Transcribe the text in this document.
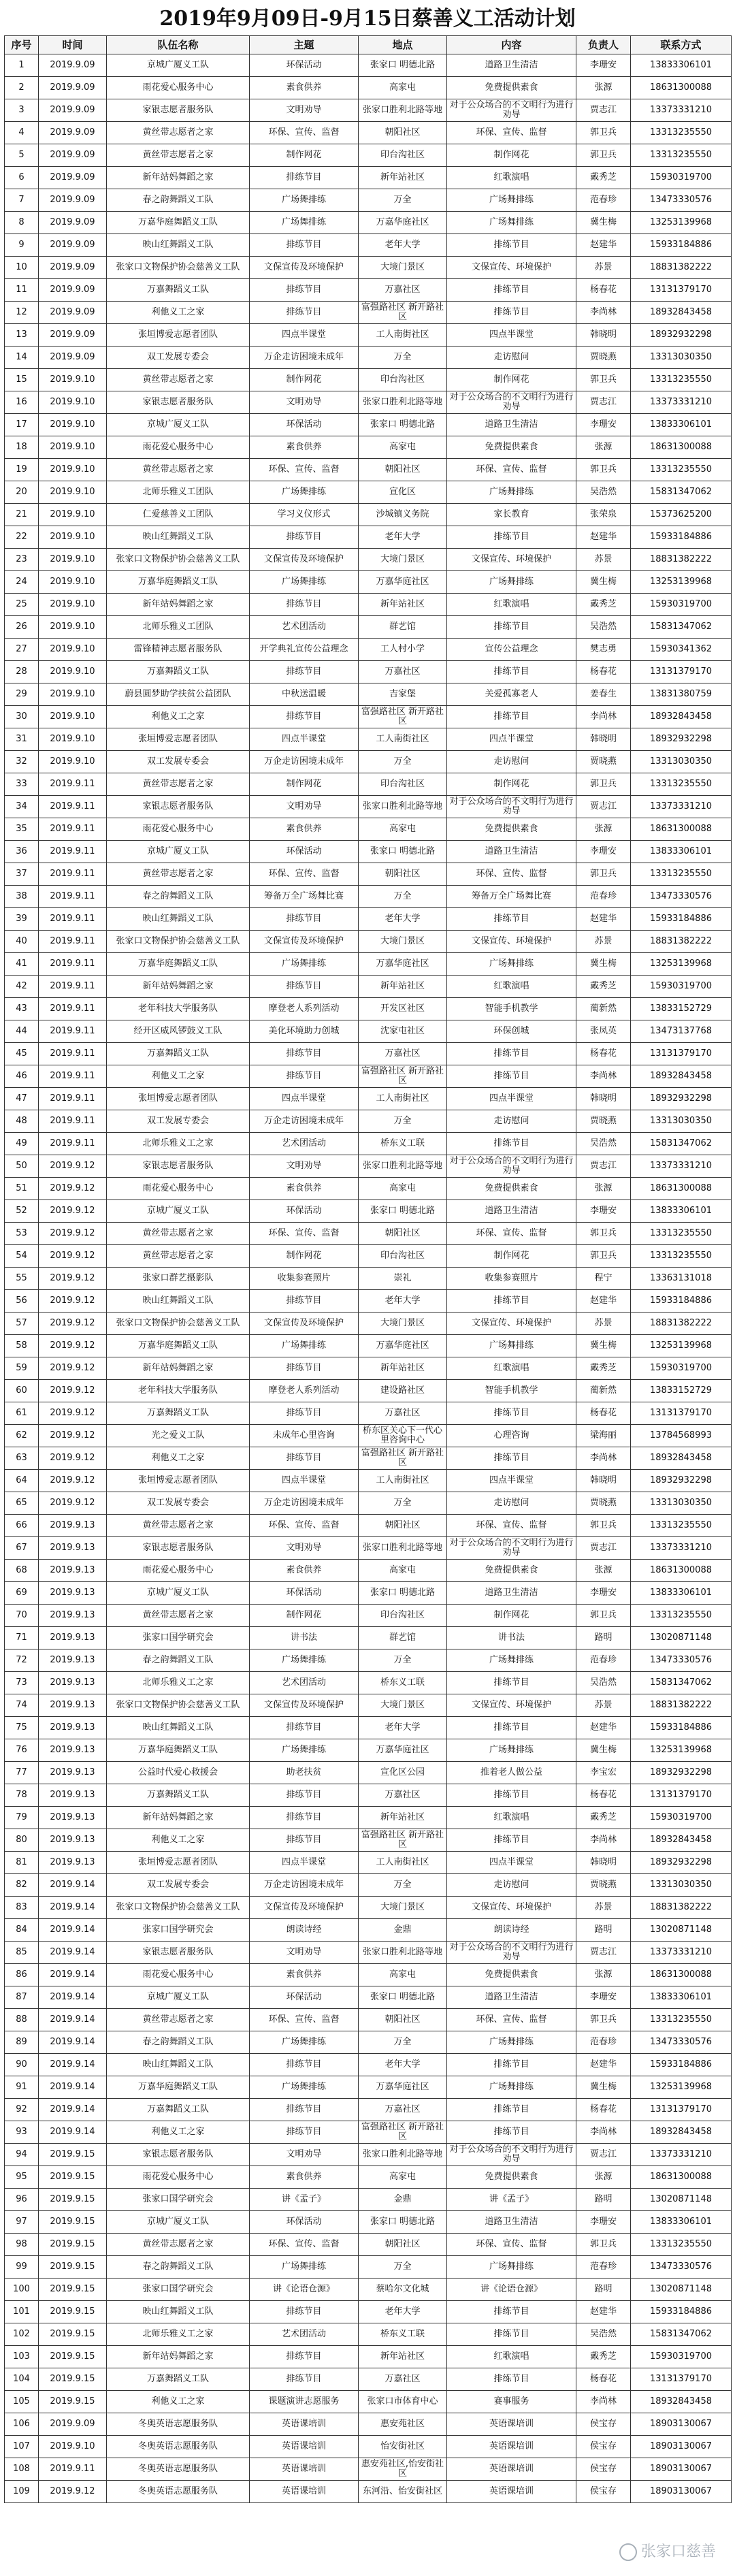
2019年9月09日-9月15日蔡善义工活动计划
序号	时间	队伍名称	主题	地点	内容	负责人	联系方式
1	2019.9.09	京城广厦义工队	环保活动	张家口 明德北路	道路卫生清洁	李珊安	13833306101
2	2019.9.09	雨花爱心服务中心	素食供养	高家屯	免费提供素食	张源	18631300088
3	2019.9.09	家银志愿者服务队	文明劝导	张家口胜利北路等地	对于公众场合的不文明行为进行劝导	贾志江	13373331210
4	2019.9.09	黄丝带志愿者之家	环保、宣传、监督	朝阳社区	环保、宣传、监督	郭卫兵	13313235550
5	2019.9.09	黄丝带志愿者之家	制作网花	印台沟社区	制作网花	郭卫兵	13313235550
6	2019.9.09	新年站妈舞蹈之家	排练节目	新年站社区	红歌演唱	戴秀芝	15930319700
7	2019.9.09	春之韵舞蹈义工队	广场舞排练	万全	广场舞排练	范春珍	13473330576
8	2019.9.09	万嘉华庭舞蹈义工队	广场舞排练	万嘉华庭社区	广场舞排练	冀生梅	13253139968
9	2019.9.09	映山红舞蹈义工队	排练节目	老年大学	排练节目	赵建华	15933184886
10	2019.9.09	张家口文物保护协会慈善义工队	文保宣传及环境保护	大境门景区	文保宣传、环境保护	苏景	18831382222
11	2019.9.09	万嘉舞蹈义工队	排练节目	万嘉社区	排练节目	杨春花	13131379170
12	2019.9.09	利他义工之家	排练节目	富强路社区 新开路社区	排练节目	李尚林	18932843458
13	2019.9.09	张垣博爱志愿者团队	四点半课堂	工人南街社区	四点半课堂	韩晓明	18932932298
14	2019.9.09	双工发展专委会	万企走访困境未成年	万全	走访慰问	贾晓燕	13313030350
15	2019.9.10	黄丝带志愿者之家	制作网花	印台沟社区	制作网花	郭卫兵	13313235550
16	2019.9.10	家银志愿者服务队	文明劝导	张家口胜利北路等地	对于公众场合的不文明行为进行劝导	贾志江	13373331210
17	2019.9.10	京城广厦义工队	环保活动	张家口 明德北路	道路卫生清洁	李珊安	13833306101
18	2019.9.10	雨花爱心服务中心	素食供养	高家屯	免费提供素食	张源	18631300088
19	2019.9.10	黄丝带志愿者之家	环保、宣传、监督	朝阳社区	环保、宣传、监督	郭卫兵	13313235550
20	2019.9.10	北师乐雅义工团队	广场舞排练	宣化区	广场舞排练	吴浩然	15831347062
21	2019.9.10	仁爱慈善义工团队	学习义仪形式	沙城镇义务院	家长教育	张荣泉	15373625200
22	2019.9.10	映山红舞蹈义工队	排练节目	老年大学	排练节目	赵建华	15933184886
23	2019.9.10	张家口文物保护协会慈善义工队	文保宣传及环境保护	大境门景区	文保宣传、环境保护	苏景	18831382222
24	2019.9.10	万嘉华庭舞蹈义工队	广场舞排练	万嘉华庭社区	广场舞排练	冀生梅	13253139968
25	2019.9.10	新年站妈舞蹈之家	排练节目	新年站社区	红歌演唱	戴秀芝	15930319700
26	2019.9.10	北师乐雅义工团队	艺术团活动	群艺馆	排练节目	吴浩然	15831347062
27	2019.9.10	雷锋精神志愿者服务队	开学典礼宣传公益理念	工人村小学	宣传公益理念	樊志勇	15930341362
28	2019.9.10	万嘉舞蹈义工队	排练节目	万嘉社区	排练节目	杨春花	13131379170
29	2019.9.10	蔚县圆梦助学扶贫公益团队	中秋送温暖	吉家堡	关爱孤寡老人	姜春生	13831380759
30	2019.9.10	利他义工之家	排练节目	富强路社区 新开路社区	排练节目	李尚林	18932843458
31	2019.9.10	张垣博爱志愿者团队	四点半课堂	工人南街社区	四点半课堂	韩晓明	18932932298
32	2019.9.10	双工发展专委会	万企走访困境未成年	万全	走访慰问	贾晓燕	13313030350
33	2019.9.11	黄丝带志愿者之家	制作网花	印台沟社区	制作网花	郭卫兵	13313235550
34	2019.9.11	家银志愿者服务队	文明劝导	张家口胜利北路等地	对于公众场合的不文明行为进行劝导	贾志江	13373331210
35	2019.9.11	雨花爱心服务中心	素食供养	高家屯	免费提供素食	张源	18631300088
36	2019.9.11	京城广厦义工队	环保活动	张家口 明德北路	道路卫生清洁	李珊安	13833306101
37	2019.9.11	黄丝带志愿者之家	环保、宣传、监督	朝阳社区	环保、宣传、监督	郭卫兵	13313235550
38	2019.9.11	春之韵舞蹈义工队	筹备万全广场舞比赛	万全	筹备万全广场舞比赛	范春珍	13473330576
39	2019.9.11	映山红舞蹈义工队	排练节目	老年大学	排练节目	赵建华	15933184886
40	2019.9.11	张家口文物保护协会慈善义工队	文保宣传及环境保护	大境门景区	文保宣传、环境保护	苏景	18831382222
41	2019.9.11	万嘉华庭舞蹈义工队	广场舞排练	万嘉华庭社区	广场舞排练	冀生梅	13253139968
42	2019.9.11	新年站妈舞蹈之家	排练节目	新年站社区	红歌演唱	戴秀芝	15930319700
43	2019.9.11	老年科技大学服务队	摩登老人系列活动	开发区社区	智能手机教学	蔺新然	13833152729
44	2019.9.11	经开区威风锣鼓义工队	美化环境助力创城	沈家屯社区	环保创城	张凤英	13473137768
45	2019.9.11	万嘉舞蹈义工队	排练节目	万嘉社区	排练节目	杨春花	13131379170
46	2019.9.11	利他义工之家	排练节目	富强路社区 新开路社区	排练节目	李尚林	18932843458
47	2019.9.11	张垣博爱志愿者团队	四点半课堂	工人南街社区	四点半课堂	韩晓明	18932932298
48	2019.9.11	双工发展专委会	万企走访困境未成年	万全	走访慰问	贾晓燕	13313030350
49	2019.9.11	北师乐雅义工之家	艺术团活动	桥东义工联	排练节目	吴浩然	15831347062
50	2019.9.12	家银志愿者服务队	文明劝导	张家口胜利北路等地	对于公众场合的不文明行为进行劝导	贾志江	13373331210
51	2019.9.12	雨花爱心服务中心	素食供养	高家屯	免费提供素食	张源	18631300088
52	2019.9.12	京城广厦义工队	环保活动	张家口 明德北路	道路卫生清洁	李珊安	13833306101
53	2019.9.12	黄丝带志愿者之家	环保、宣传、监督	朝阳社区	环保、宣传、监督	郭卫兵	13313235550
54	2019.9.12	黄丝带志愿者之家	制作网花	印台沟社区	制作网花	郭卫兵	13313235550
55	2019.9.12	张家口群艺摄影队	收集参赛照片	崇礼	收集参赛照片	程宁	13363131018
56	2019.9.12	映山红舞蹈义工队	排练节目	老年大学	排练节目	赵建华	15933184886
57	2019.9.12	张家口文物保护协会慈善义工队	文保宣传及环境保护	大境门景区	文保宣传、环境保护	苏景	18831382222
58	2019.9.12	万嘉华庭舞蹈义工队	广场舞排练	万嘉华庭社区	广场舞排练	冀生梅	13253139968
59	2019.9.12	新年站妈舞蹈之家	排练节目	新年站社区	红歌演唱	戴秀芝	15930319700
60	2019.9.12	老年科技大学服务队	摩登老人系列活动	建设路社区	智能手机教学	蔺新然	13833152729
61	2019.9.12	万嘉舞蹈义工队	排练节目	万嘉社区	排练节目	杨春花	13131379170
62	2019.9.12	光之爱义工队	未成年心里咨询	桥东区关心下一代心里咨询中心	心理咨询	梁海丽	13784568993
63	2019.9.12	利他义工之家	排练节目	富强路社区 新开路社区	排练节目	李尚林	18932843458
64	2019.9.12	张垣博爱志愿者团队	四点半课堂	工人南街社区	四点半课堂	韩晓明	18932932298
65	2019.9.12	双工发展专委会	万企走访困境未成年	万全	走访慰问	贾晓燕	13313030350
66	2019.9.13	黄丝带志愿者之家	环保、宣传、监督	朝阳社区	环保、宣传、监督	郭卫兵	13313235550
67	2019.9.13	家银志愿者服务队	文明劝导	张家口胜利北路等地	对于公众场合的不文明行为进行劝导	贾志江	13373331210
68	2019.9.13	雨花爱心服务中心	素食供养	高家屯	免费提供素食	张源	18631300088
69	2019.9.13	京城广厦义工队	环保活动	张家口 明德北路	道路卫生清洁	李珊安	13833306101
70	2019.9.13	黄丝带志愿者之家	制作网花	印台沟社区	制作网花	郭卫兵	13313235550
71	2019.9.13	张家口国学研究会	讲书法	群艺馆	讲书法	路明	13020871148
72	2019.9.13	春之韵舞蹈义工队	广场舞排练	万全	广场舞排练	范春珍	13473330576
73	2019.9.13	北师乐雅义工之家	艺术团活动	桥东义工联	排练节目	吴浩然	15831347062
74	2019.9.13	张家口文物保护协会慈善义工队	文保宣传及环境保护	大境门景区	文保宣传、环境保护	苏景	18831382222
75	2019.9.13	映山红舞蹈义工队	排练节目	老年大学	排练节目	赵建华	15933184886
76	2019.9.13	万嘉华庭舞蹈义工队	广场舞排练	万嘉华庭社区	广场舞排练	冀生梅	13253139968
77	2019.9.13	公益时代爱心救援会	助老扶贫	宣化区公园	推着老人做公益	李宝宏	18932932298
78	2019.9.13	万嘉舞蹈义工队	排练节目	万嘉社区	排练节目	杨春花	13131379170
79	2019.9.13	新年站妈舞蹈之家	排练节目	新年站社区	红歌演唱	戴秀芝	15930319700
80	2019.9.13	利他义工之家	排练节目	富强路社区 新开路社区	排练节目	李尚林	18932843458
81	2019.9.13	张垣博爱志愿者团队	四点半课堂	工人南街社区	四点半课堂	韩晓明	18932932298
82	2019.9.14	双工发展专委会	万企走访困境未成年	万全	走访慰问	贾晓燕	13313030350
83	2019.9.14	张家口文物保护协会慈善义工队	文保宣传及环境保护	大境门景区	文保宣传、环境保护	苏景	18831382222
84	2019.9.14	张家口国学研究会	朗读诗经	金鼎	朗读诗经	路明	13020871148
85	2019.9.14	家银志愿者服务队	文明劝导	张家口胜利北路等地	对于公众场合的不文明行为进行劝导	贾志江	13373331210
86	2019.9.14	雨花爱心服务中心	素食供养	高家屯	免费提供素食	张源	18631300088
87	2019.9.14	京城广厦义工队	环保活动	张家口 明德北路	道路卫生清洁	李珊安	13833306101
88	2019.9.14	黄丝带志愿者之家	环保、宣传、监督	朝阳社区	环保、宣传、监督	郭卫兵	13313235550
89	2019.9.14	春之韵舞蹈义工队	广场舞排练	万全	广场舞排练	范春珍	13473330576
90	2019.9.14	映山红舞蹈义工队	排练节目	老年大学	排练节目	赵建华	15933184886
91	2019.9.14	万嘉华庭舞蹈义工队	广场舞排练	万嘉华庭社区	广场舞排练	冀生梅	13253139968
92	2019.9.14	万嘉舞蹈义工队	排练节目	万嘉社区	排练节目	杨春花	13131379170
93	2019.9.14	利他义工之家	排练节目	富强路社区 新开路社区	排练节目	李尚林	18932843458
94	2019.9.15	家银志愿者服务队	文明劝导	张家口胜利北路等地	对于公众场合的不文明行为进行劝导	贾志江	13373331210
95	2019.9.15	雨花爱心服务中心	素食供养	高家屯	免费提供素食	张源	18631300088
96	2019.9.15	张家口国学研究会	讲《孟子》	金鼎	讲《孟子》	路明	13020871148
97	2019.9.15	京城广厦义工队	环保活动	张家口 明德北路	道路卫生清洁	李珊安	13833306101
98	2019.9.15	黄丝带志愿者之家	环保、宣传、监督	朝阳社区	环保、宣传、监督	郭卫兵	13313235550
99	2019.9.15	春之韵舞蹈义工队	广场舞排练	万全	广场舞排练	范春珍	13473330576
100	2019.9.15	张家口国学研究会	讲《论语仓源》	蔡哈尔文化城	讲《论语仓源》	路明	13020871148
101	2019.9.15	映山红舞蹈义工队	排练节目	老年大学	排练节目	赵建华	15933184886
102	2019.9.15	北师乐雅义工之家	艺术团活动	桥东义工联	排练节目	吴浩然	15831347062
103	2019.9.15	新年站妈舞蹈之家	排练节目	新年站社区	红歌演唱	戴秀芝	15930319700
104	2019.9.15	万嘉舞蹈义工队	排练节目	万嘉社区	排练节目	杨春花	13131379170
105	2019.9.15	利他义工之家	课题演讲志愿服务	张家口市体育中心	赛事服务	李尚林	18932843458
106	2019.9.09	冬奥英语志愿服务队	英语课培训	惠安苑社区	英语课培训	侯宝存	18903130067
107	2019.9.10	冬奥英语志愿服务队	英语课培训	怡安街社区	英语课培训	侯宝存	18903130067
108	2019.9.11	冬奥英语志愿服务队	英语课培训	惠安苑社区,怡安街社区	英语课培训	侯宝存	18903130067
109	2019.9.12	冬奥英语志愿服务队	英语课培训	东河沿、怡安街社区	英语课培训	侯宝存	18903130067
张家口慈善
